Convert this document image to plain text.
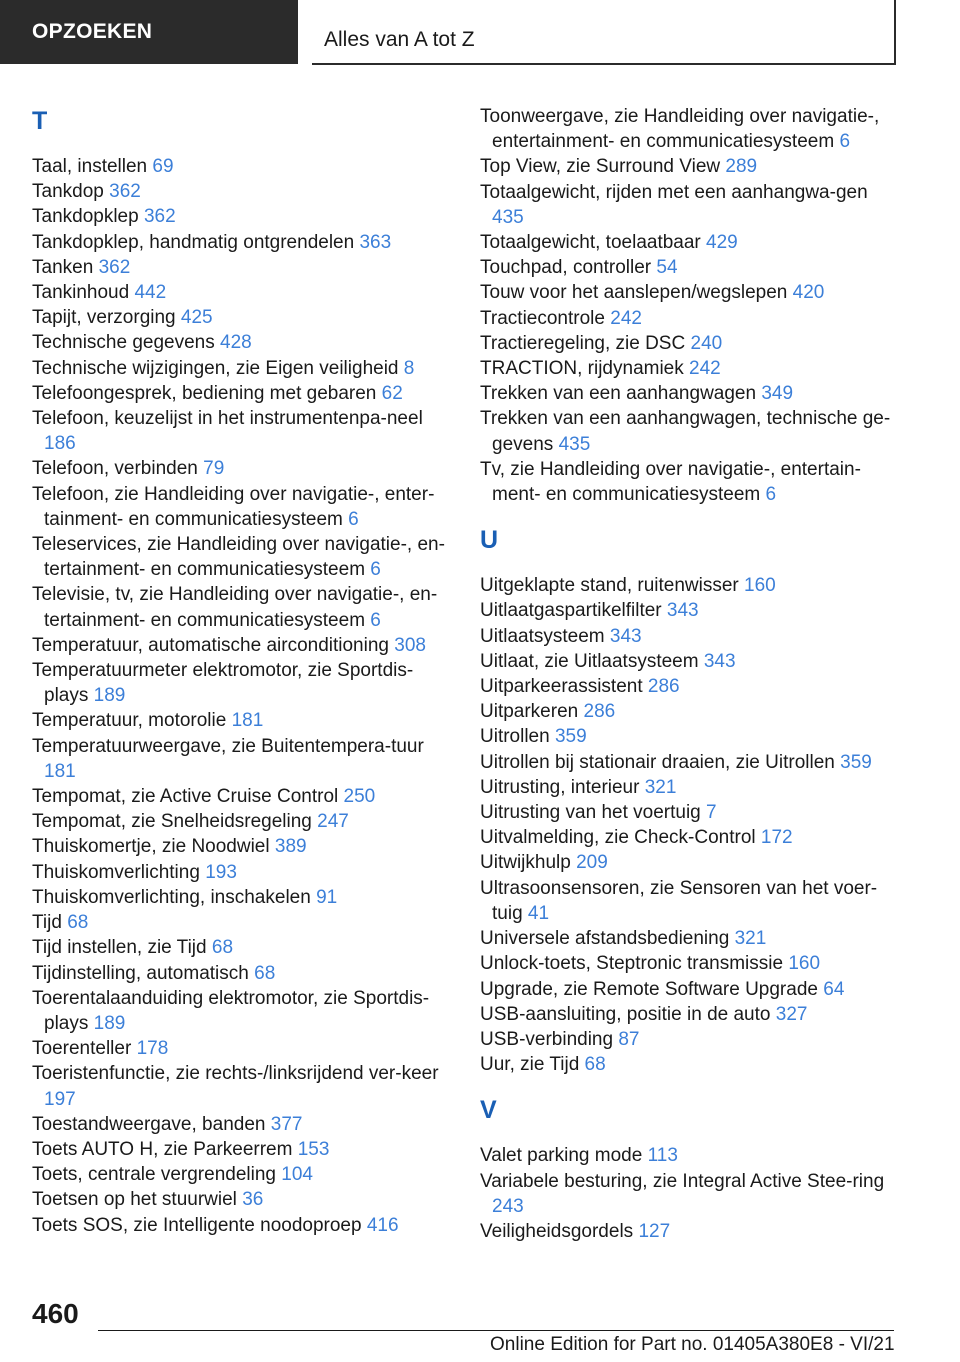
OPZOEKEN	Alles van A tot Z
T
Taal, instellen 69
Tankdop 362
Tankdopklep 362
Tankdopklep, handmatig ontgrendelen 363
Tanken 362
Tankinhoud 442
Tapijt, verzorging 425
Technische gegevens 428
Technische wijzigingen, zie Eigen veiligheid 8
Telefoongesprek, bediening met gebaren 62
Telefoon, keuzelijst in het instrumentenpa-neel 186
Telefoon, verbinden 79
Telefoon, zie Handleiding over navigatie-, enter-tainment- en communicatiesysteem 6
Teleservices, zie Handleiding over navigatie-, en-tertainment- en communicatiesysteem 6
Televisie, tv, zie Handleiding over navigatie-, en-tertainment- en communicatiesysteem 6
Temperatuur, automatische airconditioning 308
Temperatuurmeter elektromotor, zie Sportdis-plays 189
Temperatuur, motorolie 181
Temperatuurweergave, zie Buitentempera-tuur 181
Tempomat, zie Active Cruise Control 250
Tempomat, zie Snelheidsregeling 247
Thuiskomertje, zie Noodwiel 389
Thuiskomverlichting 193
Thuiskomverlichting, inschakelen 91
Tijd 68
Tijd instellen, zie Tijd 68
Tijdinstelling, automatisch 68
Toerentalaanduiding elektromotor, zie Sportdis-plays 189
Toerenteller 178
Toeristenfunctie, zie rechts-/linksrijdend ver-keer 197
Toestandweergave, banden 377
Toets AUTO H, zie Parkeerrem 153
Toets, centrale vergrendeling 104
Toetsen op het stuurwiel 36
Toets SOS, zie Intelligente noodoproep 416
Toonweergave, zie Handleiding over navigatie-, entertainment- en communicatiesysteem 6
Top View, zie Surround View 289
Totaalgewicht, rijden met een aanhangwa-gen 435
Totaalgewicht, toelaatbaar 429
Touchpad, controller 54
Touw voor het aanslepen/wegslepen 420
Tractiecontrole 242
Tractieregeling, zie DSC 240
TRACTION, rijdynamiek 242
Trekken van een aanhangwagen 349
Trekken van een aanhangwagen, technische ge-gevens 435
Tv, zie Handleiding over navigatie-, entertain-ment- en communicatiesysteem 6
U
Uitgeklapte stand, ruitenwisser 160
Uitlaatgaspartikelfilter 343
Uitlaatsysteem 343
Uitlaat, zie Uitlaatsysteem 343
Uitparkeerassistent 286
Uitparkeren 286
Uitrollen 359
Uitrollen bij stationair draaien, zie Uitrollen 359
Uitrusting, interieur 321
Uitrusting van het voertuig 7
Uitvalmelding, zie Check-Control 172
Uitwijkhulp 209
Ultrasoonsensoren, zie Sensoren van het voer-tuig 41
Universele afstandsbediening 321
Unlock-toets, Steptronic transmissie 160
Upgrade, zie Remote Software Upgrade 64
USB-aansluiting, positie in de auto 327
USB-verbinding 87
Uur, zie Tijd 68
V
Valet parking mode 113
Variabele besturing, zie Integral Active Stee-ring 243
Veiligheidsgordels 127
460
Online Edition for Part no. 01405A380E8 - VI/21
